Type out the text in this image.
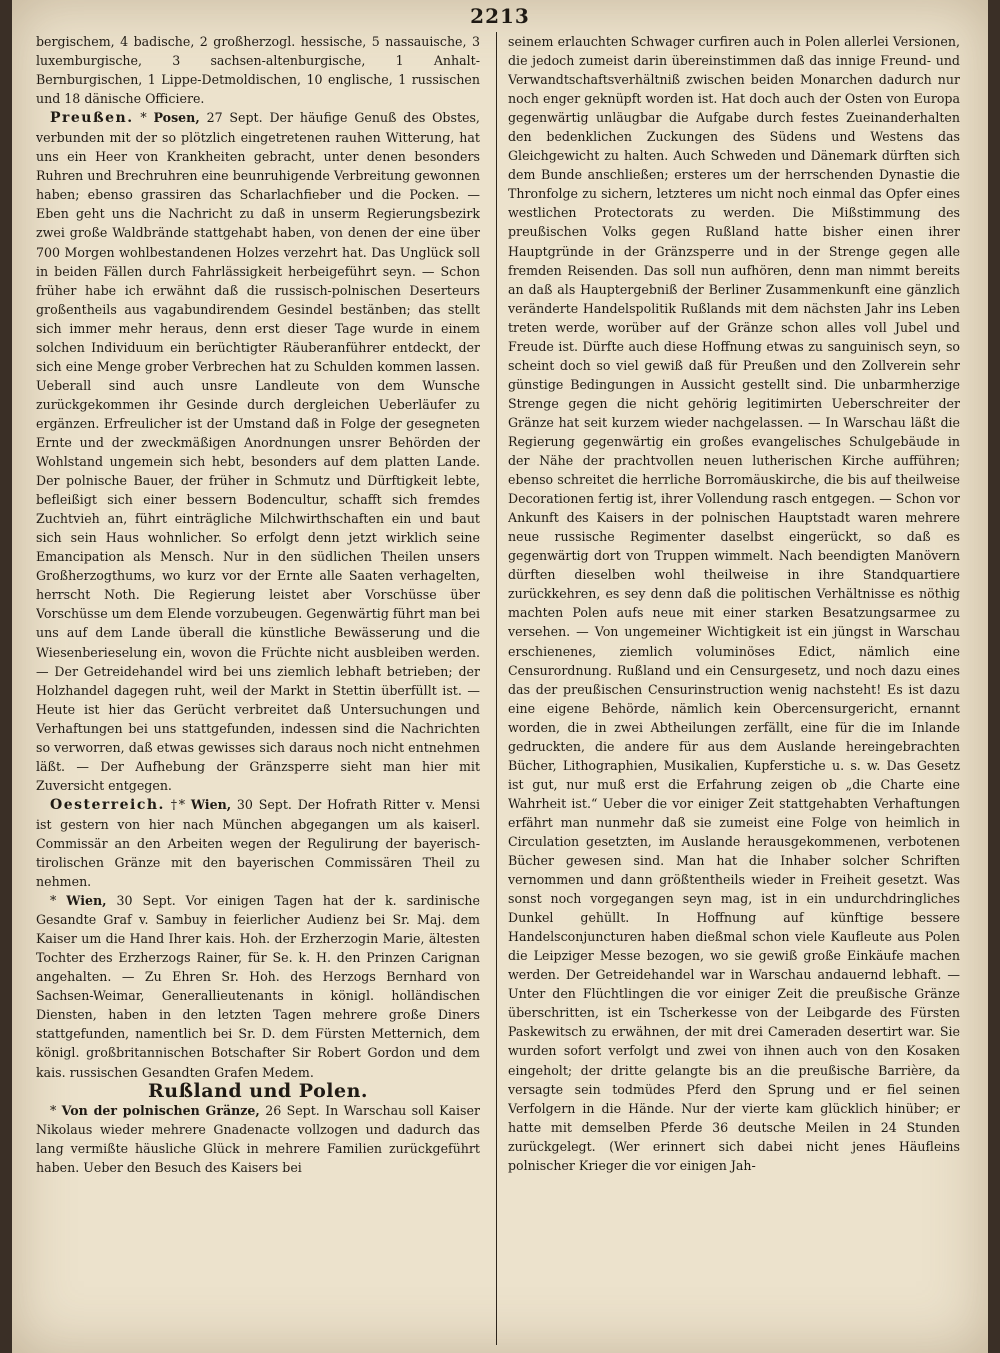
2213

bergischem, 4 badische, 2 großherzogl. hessische, 5 nassauische, 3 luxemburgische, 3 sachsen-altenburgische, 1 Anhalt-Bernburgischen, 1 Lippe-Detmoldischen, 10 englische, 1 russischen und 18 dänische Officiere.

Preußen. * Posen, 27 Sept. Der häufige Genuß des Obstes, verbunden mit der so plötzlich eingetretenen rauhen Witterung, hat uns ein Heer von Krankheiten gebracht, unter denen besonders Ruhren und Brechruhren eine beunruhigende Verbreitung gewonnen haben; ebenso grassiren das Scharlachfieber und die Pocken. — Eben geht uns die Nachricht zu daß in unserm Regierungsbezirk zwei große Waldbrände stattgehabt haben, von denen der eine über 700 Morgen wohlbestandenen Holzes verzehrt hat. Das Unglück soll in beiden Fällen durch Fahrlässigkeit herbeigeführt seyn. — Schon früher habe ich erwähnt daß die russisch-polnischen Deserteurs großentheils aus vagabundirendem Gesindel bestänben; das stellt sich immer mehr heraus, denn erst dieser Tage wurde in einem solchen Individuum ein berüchtigter Räuberanführer entdeckt, der sich eine Menge grober Verbrechen hat zu Schulden kommen lassen. Ueberall sind auch unsre Landleute von dem Wunsche zurückgekommen ihr Gesinde durch dergleichen Ueberläufer zu ergänzen. Erfreulicher ist der Umstand daß in Folge der gesegneten Ernte und der zweckmäßigen Anordnungen unsrer Behörden der Wohlstand ungemein sich hebt, besonders auf dem platten Lande. Der polnische Bauer, der früher in Schmutz und Dürftigkeit lebte, befleißigt sich einer bessern Bodencultur, schafft sich fremdes Zuchtvieh an, führt einträgliche Milchwirthschaften ein und baut sich sein Haus wohnlicher. So erfolgt denn jetzt wirklich seine Emancipation als Mensch. Nur in den südlichen Theilen unsers Großherzogthums, wo kurz vor der Ernte alle Saaten verhagelten, herrscht Noth. Die Regierung leistet aber Vorschüsse über Vorschüsse um dem Elende vorzubeugen. Gegenwärtig führt man bei uns auf dem Lande überall die künstliche Bewässerung und die Wiesenberieselung ein, wovon die Früchte nicht ausbleiben werden. — Der Getreidehandel wird bei uns ziemlich lebhaft betrieben; der Holzhandel dagegen ruht, weil der Markt in Stettin überfüllt ist. — Heute ist hier das Gerücht verbreitet daß Untersuchungen und Verhaftungen bei uns stattgefunden, indessen sind die Nachrichten so verworren, daß etwas gewisses sich daraus noch nicht entnehmen läßt. — Der Aufhebung der Gränzsperre sieht man hier mit Zuversicht entgegen.

Oesterreich. †* Wien, 30 Sept. Der Hofrath Ritter v. Mensi ist gestern von hier nach München abgegangen um als kaiserl. Commissär an den Arbeiten wegen der Regulirung der bayerisch-tirolischen Gränze mit den bayerischen Commissären Theil zu nehmen.

* Wien, 30 Sept. Vor einigen Tagen hat der k. sardinische Gesandte Graf v. Sambuy in feierlicher Audienz bei Sr. Maj. dem Kaiser um die Hand Ihrer kais. Hoh. der Erzherzogin Marie, ältesten Tochter des Erzherzogs Rainer, für Se. k. H. den Prinzen Carignan angehalten. — Zu Ehren Sr. Hoh. des Herzogs Bernhard von Sachsen-Weimar, Generallieutenants in königl. holländischen Diensten, haben in den letzten Tagen mehrere große Diners stattgefunden, namentlich bei Sr. D. dem Fürsten Metternich, dem königl. großbritannischen Botschafter Sir Robert Gordon und dem kais. russischen Gesandten Grafen Medem.

Rußland und Polen.

* Von der polnischen Gränze, 26 Sept. In Warschau soll Kaiser Nikolaus wieder mehrere Gnadenacte vollzogen und dadurch das lang vermißte häusliche Glück in mehrere Familien zurückgeführt haben. Ueber den Besuch des Kaisers bei

seinem erlauchten Schwager curfiren auch in Polen allerlei Versionen, die jedoch zumeist darin übereinstimmen daß das innige Freund- und Verwandtschaftsverhältniß zwischen beiden Monarchen dadurch nur noch enger geknüpft worden ist. Hat doch auch der Osten von Europa gegenwärtig unläugbar die Aufgabe durch festes Zueinanderhalten den bedenklichen Zuckungen des Südens und Westens das Gleichgewicht zu halten. Auch Schweden und Dänemark dürften sich dem Bunde anschließen; ersteres um der herrschenden Dynastie die Thronfolge zu sichern, letzteres um nicht noch einmal das Opfer eines westlichen Protectorats zu werden. Die Mißstimmung des preußischen Volks gegen Rußland hatte bisher einen ihrer Hauptgründe in der Gränzsperre und in der Strenge gegen alle fremden Reisenden. Das soll nun aufhören, denn man nimmt bereits an daß als Hauptergebniß der Berliner Zusammenkunft eine gänzlich veränderte Handelspolitik Rußlands mit dem nächsten Jahr ins Leben treten werde, worüber auf der Gränze schon alles voll Jubel und Freude ist. Dürfte auch diese Hoffnung etwas zu sanguinisch seyn, so scheint doch so viel gewiß daß für Preußen und den Zollverein sehr günstige Bedingungen in Aussicht gestellt sind. Die unbarmherzige Strenge gegen die nicht gehörig legitimirten Ueberschreiter der Gränze hat seit kurzem wieder nachgelassen. — In Warschau läßt die Regierung gegenwärtig ein großes evangelisches Schulgebäude in der Nähe der prachtvollen neuen lutherischen Kirche aufführen; ebenso schreitet die herrliche Borromäuskirche, die bis auf theilweise Decorationen fertig ist, ihrer Vollendung rasch entgegen. — Schon vor Ankunft des Kaisers in der polnischen Hauptstadt waren mehrere neue russische Regimenter daselbst eingerückt, so daß es gegenwärtig dort von Truppen wimmelt. Nach beendigten Manövern dürften dieselben wohl theilweise in ihre Standquartiere zurückkehren, es sey denn daß die politischen Verhältnisse es nöthig machten Polen aufs neue mit einer starken Besatzungsarmee zu versehen. — Von ungemeiner Wichtigkeit ist ein jüngst in Warschau erschienenes, ziemlich voluminöses Edict, nämlich eine Censurordnung. Rußland und ein Censurgesetz, und noch dazu eines das der preußischen Censurinstruction wenig nachsteht! Es ist dazu eine eigene Behörde, nämlich kein Obercensurgericht, ernannt worden, die in zwei Abtheilungen zerfällt, eine für die im Inlande gedruckten, die andere für aus dem Auslande hereingebrachten Bücher, Lithographien, Musikalien, Kupferstiche u. s. w. Das Gesetz ist gut, nur muß erst die Erfahrung zeigen ob „die Charte eine Wahrheit ist.“ Ueber die vor einiger Zeit stattgehabten Verhaftungen erfährt man nunmehr daß sie zumeist eine Folge von heimlich in Circulation gesetzten, im Auslande herausgekommenen, verbotenen Bücher gewesen sind. Man hat die Inhaber solcher Schriften vernommen und dann größtentheils wieder in Freiheit gesetzt. Was sonst noch vorgegangen seyn mag, ist in ein undurchdringliches Dunkel gehüllt. In Hoffnung auf künftige bessere Handelsconjuncturen haben dießmal schon viele Kaufleute aus Polen die Leipziger Messe bezogen, wo sie gewiß große Einkäufe machen werden. Der Getreidehandel war in Warschau andauernd lebhaft. — Unter den Flüchtlingen die vor einiger Zeit die preußische Gränze überschritten, ist ein Tscherkesse von der Leibgarde des Fürsten Paskewitsch zu erwähnen, der mit drei Cameraden desertirt war. Sie wurden sofort verfolgt und zwei von ihnen auch von den Kosaken eingeholt; der dritte gelangte bis an die preußische Barrière, da versagte sein todmüdes Pferd den Sprung und er fiel seinen Verfolgern in die Hände. Nur der vierte kam glücklich hinüber; er hatte mit demselben Pferde 36 deutsche Meilen in 24 Stunden zurückgelegt. (Wer erinnert sich dabei nicht jenes Häufleins polnischer Krieger die vor einigen Jah-
